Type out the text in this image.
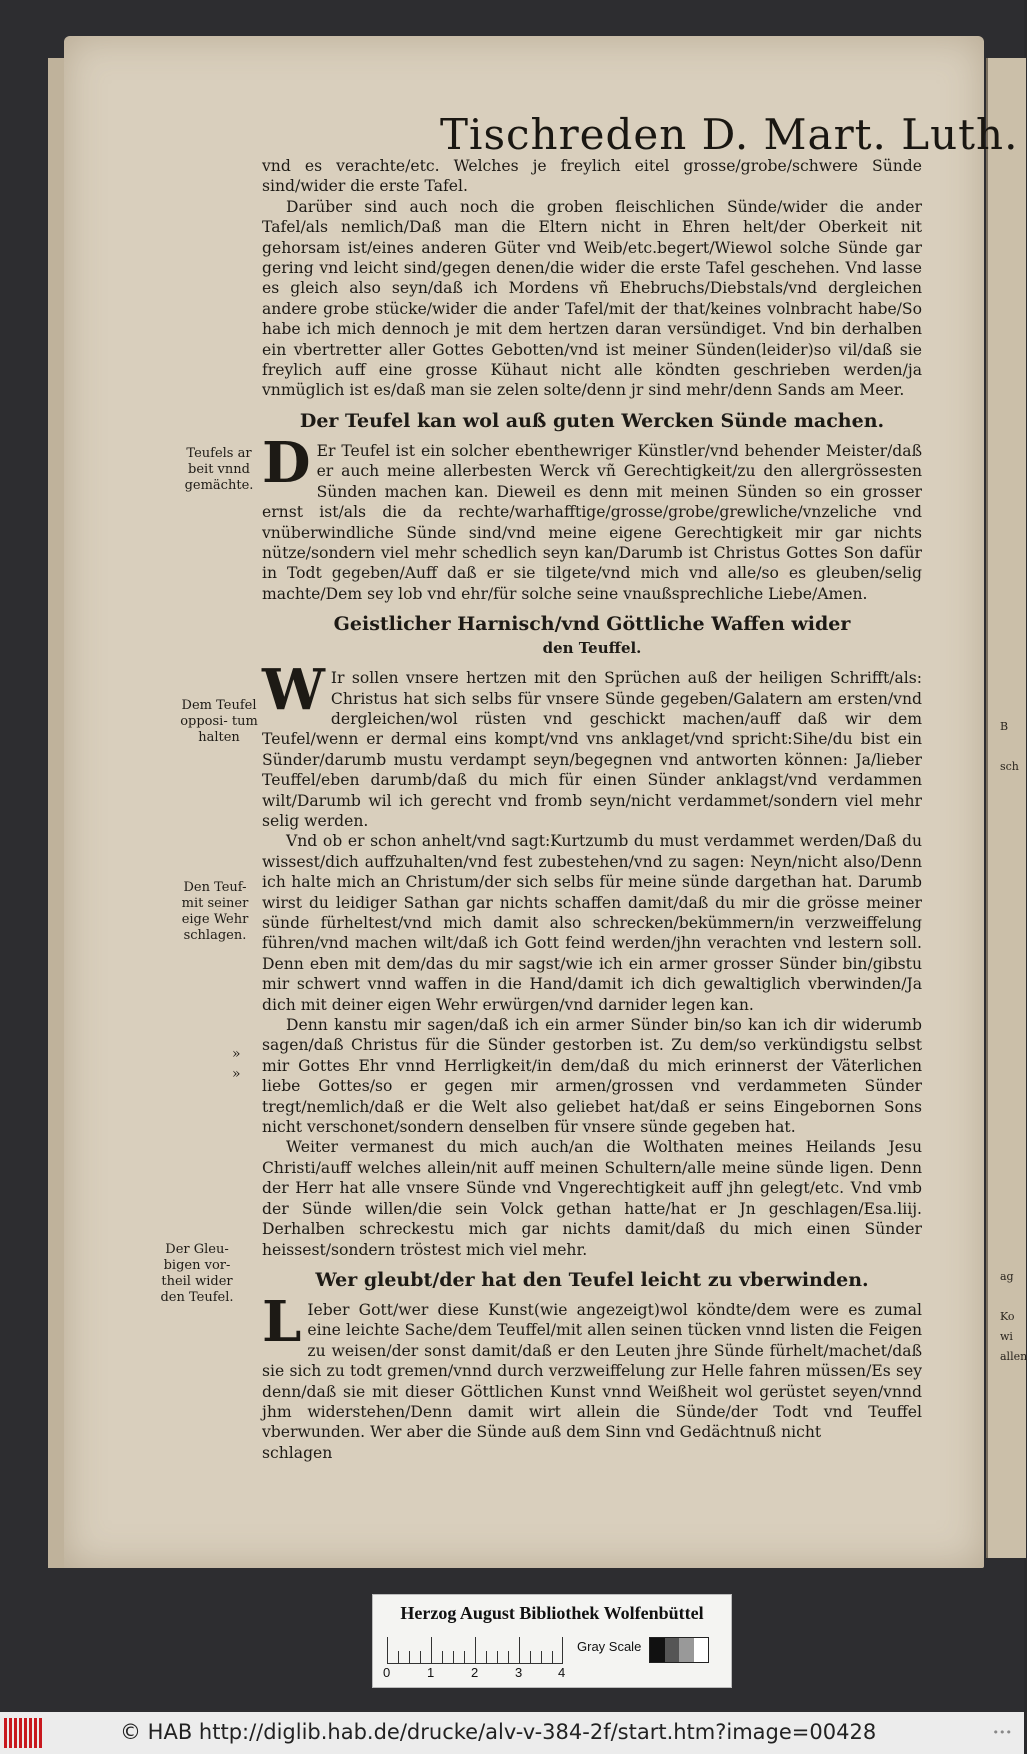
B
sch
ag
Ko
wi
allen
Tischreden D. Mart. Luth.

vnd es verachte/etc. Welches je freylich eitel grosse/grobe/schwere Sünde sind/wider die erste Tafel.

Darüber sind auch noch die groben fleischlichen Sünde/wider die ander Tafel/als nemlich/Daß man die Eltern nicht in Ehren helt/der Oberkeit nit gehorsam ist/eines anderen Güter vnd Weib/etc.begert/Wiewol solche Sünde gar gering vnd leicht sind/gegen denen/die wider die erste Tafel geschehen. Vnd lasse es gleich also seyn/daß ich Mordens vñ Ehebruchs/Diebstals/vnd dergleichen andere grobe stücke/wider die ander Tafel/mit der that/keines volnbracht habe/So habe ich mich dennoch je mit dem hertzen daran versündiget. Vnd bin derhalben ein vbertretter aller Gottes Gebotten/vnd ist meiner Sünden(leider)so vil/daß sie freylich auff eine grosse Kühaut nicht alle köndten geschrieben werden/ja vnmüglich ist es/daß man sie zelen solte/denn jr sind mehr/denn Sands am Meer.

Der Teufel kan wol auß guten Wercken Sünde machen.

D Er Teufel ist ein solcher ebenthewriger Künstler/vnd behender Meister/daß er auch meine allerbesten Werck vñ Gerechtigkeit/zu den allergrössesten Sünden machen kan. Dieweil es denn mit meinen Sünden so ein grosser ernst ist/als die da rechte/warhafftige/grosse/grobe/grewliche/vnzeliche vnd vnüberwindliche Sünde sind/vnd meine eigene Gerechtigkeit mir gar nichts nütze/sondern viel mehr schedlich seyn kan/Darumb ist Christus Gottes Son dafür in Todt gegeben/Auff daß er sie tilgete/vnd mich vnd alle/so es gleuben/selig machte/Dem sey lob vnd ehr/für solche seine vnaußsprechliche Liebe/Amen.

Geistlicher Harnisch/vnd Göttliche Waffen wider
den Teuffel.

W Ir sollen vnsere hertzen mit den Sprüchen auß der heiligen Schrifft/als: Christus hat sich selbs für vnsere Sünde gegeben/Galatern am ersten/vnd dergleichen/wol rüsten vnd geschickt machen/auff daß wir dem Teufel/wenn er dermal eins kompt/vnd vns anklaget/vnd spricht:Sihe/du bist ein Sünder/darumb mustu verdampt seyn/begegnen vnd antworten können: Ja/lieber Teuffel/eben darumb/daß du mich für einen Sünder anklagst/vnd verdammen wilt/Darumb wil ich gerecht vnd fromb seyn/nicht verdammet/sondern viel mehr selig werden.

Vnd ob er schon anhelt/vnd sagt:Kurtzumb du must verdammet werden/Daß du wissest/dich auffzuhalten/vnd fest zubestehen/vnd zu sagen: Neyn/nicht also/Denn ich halte mich an Christum/der sich selbs für meine sünde dargethan hat. Darumb wirst du leidiger Sathan gar nichts schaffen damit/daß du mir die grösse meiner sünde fürheltest/vnd mich damit also schrecken/bekümmern/in verzweiffelung führen/vnd machen wilt/daß ich Gott feind werden/jhn verachten vnd lestern soll. Denn eben mit dem/das du mir sagst/wie ich ein armer grosser Sünder bin/gibstu mir schwert vnnd waffen in die Hand/damit ich dich gewaltiglich vberwinden/Ja dich mit deiner eigen Wehr erwürgen/vnd darnider legen kan.

Denn kanstu mir sagen/daß ich ein armer Sünder bin/so kan ich dir widerumb sagen/daß Christus für die Sünder gestorben ist. Zu dem/so verkündigstu selbst mir Gottes Ehr vnnd Herrligkeit/in dem/daß du mich erinnerst der Väterlichen liebe Gottes/so er gegen mir armen/grossen vnd verdammeten Sünder tregt/nemlich/daß er die Welt also geliebet hat/daß er seins Eingebornen Sons nicht verschonet/sondern denselben für vnsere sünde gegeben hat.

Weiter vermanest du mich auch/an die Wolthaten meines Heilands Jesu Christi/auff welches allein/nit auff meinen Schultern/alle meine sünde ligen. Denn der Herr hat alle vnsere Sünde vnd Vngerechtigkeit auff jhn gelegt/etc. Vnd vmb der Sünde willen/die sein Volck gethan hatte/hat er Jn geschlagen/Esa.liij. Derhalben schreckestu mich gar nichts damit/daß du mich einen Sünder heissest/sondern tröstest mich viel mehr.

Wer gleubt/der hat den Teufel leicht zu vberwinden.

L Ieber Gott/wer diese Kunst(wie angezeigt)wol köndte/dem were es zumal eine leichte Sache/dem Teuffel/mit allen seinen tücken vnnd listen die Feigen zu weisen/der sonst damit/daß er den Leuten jhre Sünde fürhelt/machet/daß sie sich zu todt gremen/vnnd durch verzweiffelung zur Helle fahren müssen/Es sey denn/daß sie mit dieser Göttlichen Kunst vnnd Weißheit wol gerüstet seyen/vnnd jhm widerstehen/Denn damit wirt allein die Sünde/der Todt vnd Teuffel vberwunden. Wer aber die Sünde auß dem Sinn vnd Gedächtnuß nicht

schlagen

Teufels ar beit vnnd gemächte.
Dem Teufel opposi- tum halten
Den Teuf- mit seiner eige Wehr schlagen.
Der Gleu- bigen vor- theil wider den Teufel.
»
»
Herzog August Bibliothek Wolfenbüttel
0	1	2	3	4
Gray Scale
© HAB http://diglib.hab.de/drucke/alv-v-384-2f/start.htm?image=00428	•••
